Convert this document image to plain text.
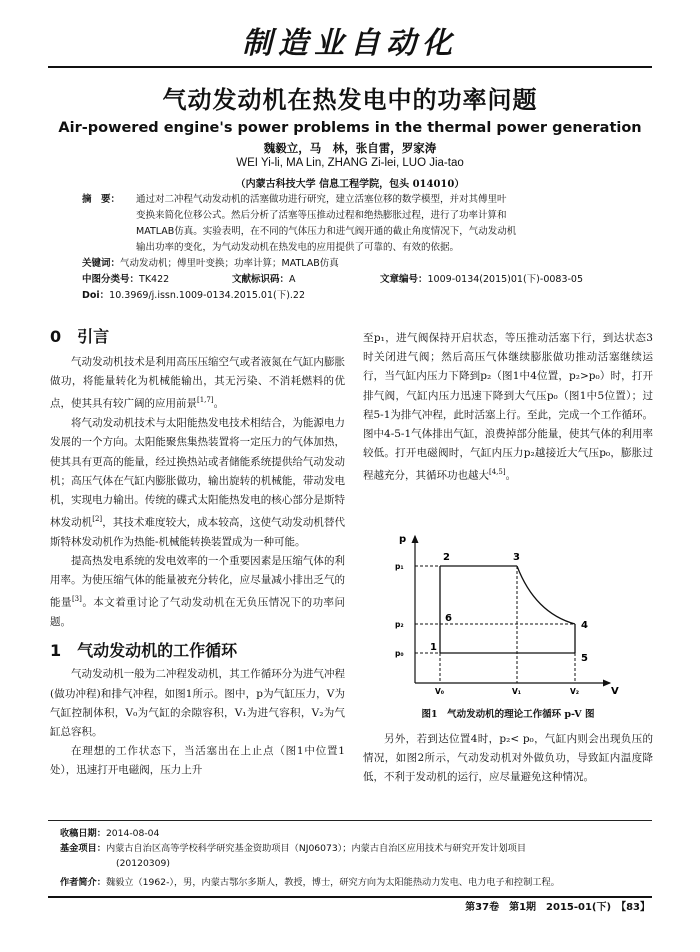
制造业自动化
气动发动机在热发电中的功率问题
Air-powered engine's power problems in the thermal power generation
魏毅立，马　林，张自雷，罗家涛
WEI Yi-li, MA Lin, ZHANG Zi-lei, LUO Jia-tao
（内蒙古科技大学 信息工程学院，包头 014010）
摘　要： 通过对二冲程气动发动机的活塞做功进行研究，建立活塞位移的数学模型，并对其傅里叶
变换来简化位移公式。然后分析了活塞等压推动过程和绝热膨胀过程，进行了功率计算和
MATLAB仿真。实验表明，在不同的气体压力和进气阀开通的截止角度情况下，气动发动机
输出功率的变化，为气动发动机在热发电的应用提供了可靠的、有效的依据。
关键词：气动发动机；傅里叶变换；功率计算；MATLAB仿真
中图分类号：TK422	文献标识码：A	文章编号：1009-0134(2015)01(下)-0083-05
Doi：10.3969/j.issn.1009-0134.2015.01(下).22
0　引言

气动发动机技术是利用高压压缩空气或者液氮在气缸内膨胀做功，将能量转化为机械能输出，其无污染、不消耗燃料的优点，使其具有较广阔的应用前景[1,7]。

将气动发动机技术与太阳能热发电技术相结合，为能源电力发展的一个方向。太阳能聚焦集热装置将一定压力的气体加热，使其具有更高的能量，经过换热站或者储能系统提供给气动发动机；高压气体在气缸内膨胀做功，输出旋转的机械能，带动发电机，实现电力输出。传统的碟式太阳能热发电的核心部分是斯特林发动机[2]，其技术难度较大，成本较高，这使气动发动机替代斯特林发动机作为热能-机械能转换装置成为一种可能。

提高热发电系统的发电效率的一个重要因素是压缩气体的利用率。为使压缩气体的能量被充分转化，应尽量减小排出乏气的能量[3]。本文着重讨论了气动发动机在无负压情况下的功率问题。

1　气动发动机的工作循环

气动发动机一般为二冲程发动机，其工作循环分为进气冲程(做功冲程)和排气冲程，如图1所示。图中，p为气缸压力，V为气缸控制体积，V₀为气缸的余隙容积，V₁为进气容积，V₂为气缸总容积。

在理想的工作状态下，当活塞出在上止点（图1中位置1处），迅速打开电磁阀，压力上升

至p₁，进气阀保持开启状态，等压推动活塞下行，到达状态3时关闭进气阀；然后高压气体继续膨胀做功推动活塞继续运行，当气缸内压力下降到p₂（图1中4位置，p₂>p₀）时，打开排气阀，气缸内压力迅速下降到大气压p₀（图1中5位置）；过程5-1为排气冲程，此时活塞上行。至此，完成一个工作循环。图中4-5-1气体排出气缸，浪费掉部分能量，使其气体的利用率较低。打开电磁阀时，气缸内压力p₂越接近大气压p₀，膨胀过程越充分，其循环功也越大[4,5]。

p
V
p₁
p₂
p₀
V₀	V₁	V₂
1
2	3
4
5
6
图1　气动发动机的理论工作循环 p-V 图

另外，若到达位置4时，p₂< p₀，气缸内则会出现负压的情况，如图2所示，气动发动机对外做负功，导致缸内温度降低，不利于发动机的运行，应尽量避免这种情况。

收稿日期：2014-08-04
基金项目：内蒙古自治区高等学校科学研究基金资助项目（NJ06073）；内蒙古自治区应用技术与研究开发计划项目
(20120309)
作者简介：魏毅立（1962-），男，内蒙古鄂尔多斯人，教授，博士，研究方向为太阳能热动力发电、电力电子和控制工程。
第37卷　第1期　2015-01(下)　【83】
